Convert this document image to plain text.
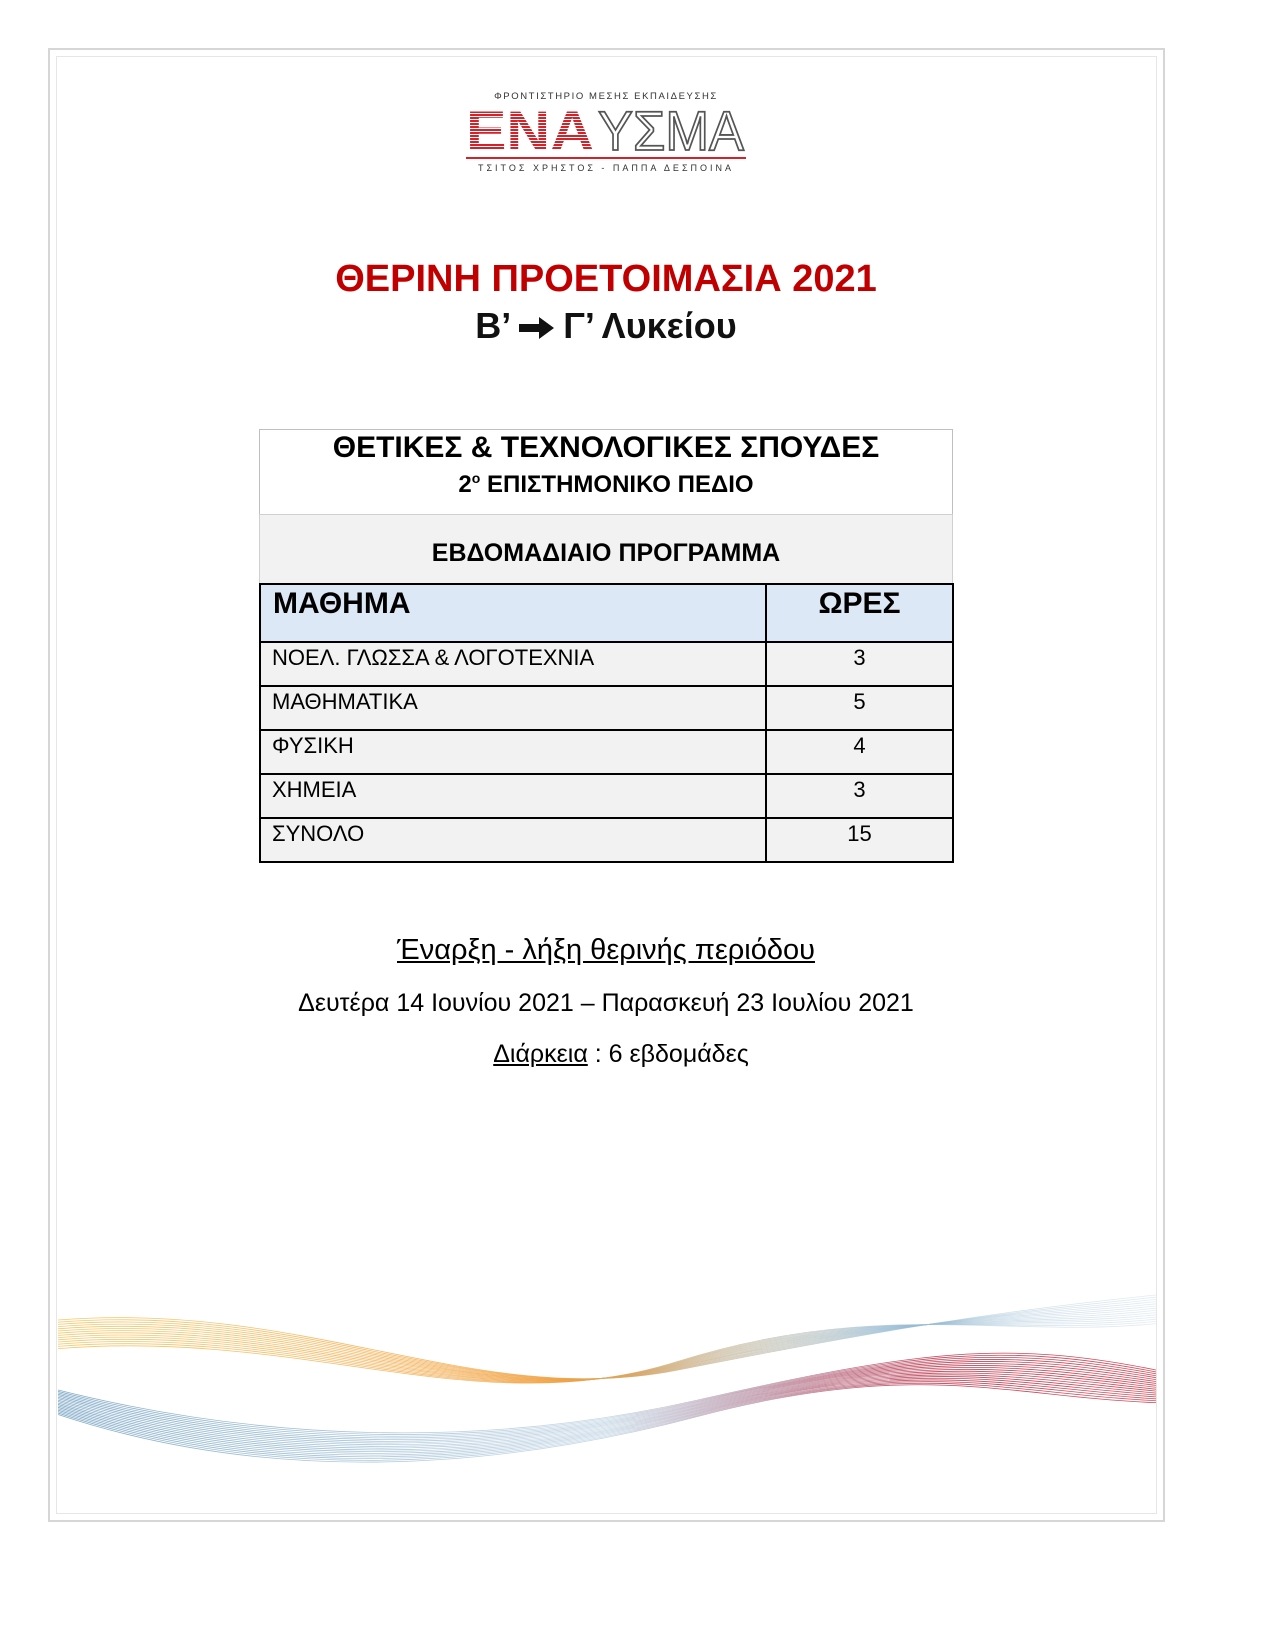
ΦΡΟΝΤΙΣΤΗΡΙΟ ΜΕΣΗΣ ΕΚΠΑΙΔΕΥΣΗΣ
ΕΝΑ ΥΣΜΑ
ΤΣΙΤΟΣ ΧΡΗΣΤΟΣ - ΠΑΠΠΑ ΔΕΣΠΟΙΝΑ
ΘΕΡΙΝΗ ΠΡΟΕΤΟΙΜΑΣΙΑ 2021
Β’ Γ’ Λυκείου
ΘΕΤΙΚΕΣ & ΤΕΧΝΟΛΟΓΙΚΕΣ ΣΠΟΥΔΕΣ
$2^o$ ΕΠΙΣΤΗΜΟΝΙΚΟ ΠΕΔΙΟ
ΕΒΔΟΜΑΔΙΑΙΟ ΠΡΟΓΡΑΜΜΑ
ΜΑΘΗΜΑ	ΩΡΕΣ
ΝΟΕΛ. ΓΛΩΣΣΑ & ΛΟΓΟΤΕΧΝΙΑ	3
ΜΑΘΗΜΑΤΙΚΑ	5
ΦΥΣΙΚΗ	4
ΧΗΜΕΙΑ	3
ΣΥΝΟΛΟ	15
Έναρξη - λήξη θερινής περιόδου
Δευτέρα 14 Ιουνίου 2021 – Παρασκευή 23 Ιουλίου 2021
Διάρκεια : 6 εβδομάδες
